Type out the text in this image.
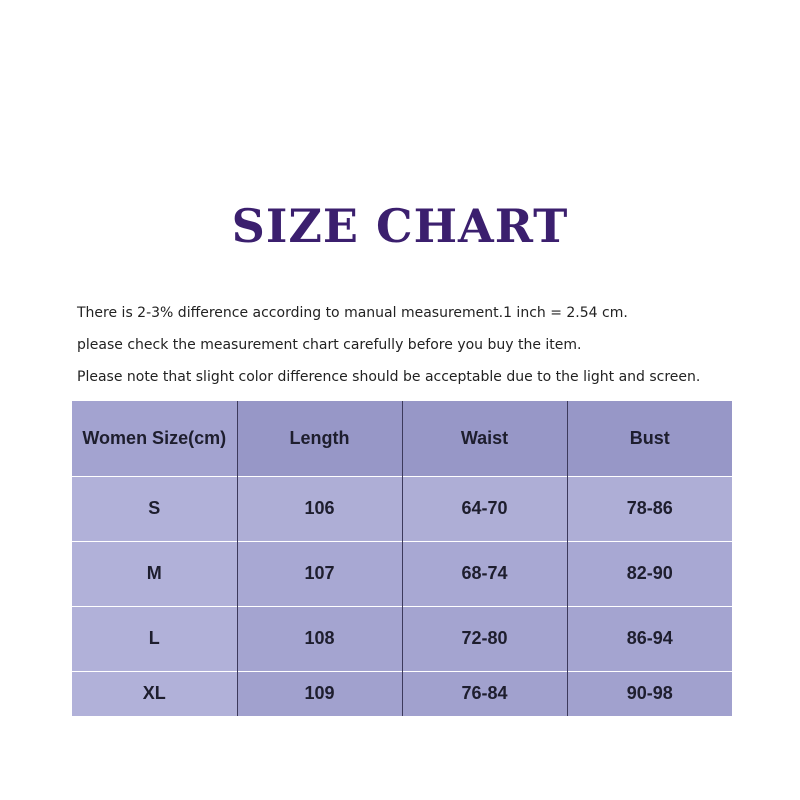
SIZE CHART
There is 2-3% difference according to manual measurement.1 inch = 2.54 cm.
please check the measurement chart carefully before you buy the item.
Please note that slight color difference should be acceptable due to the light and screen.
Women Size(cm)	Length	Waist	Bust
S	106	64-70	78-86
M	107	68-74	82-90
L	108	72-80	86-94
XL	109	76-84	90-98
